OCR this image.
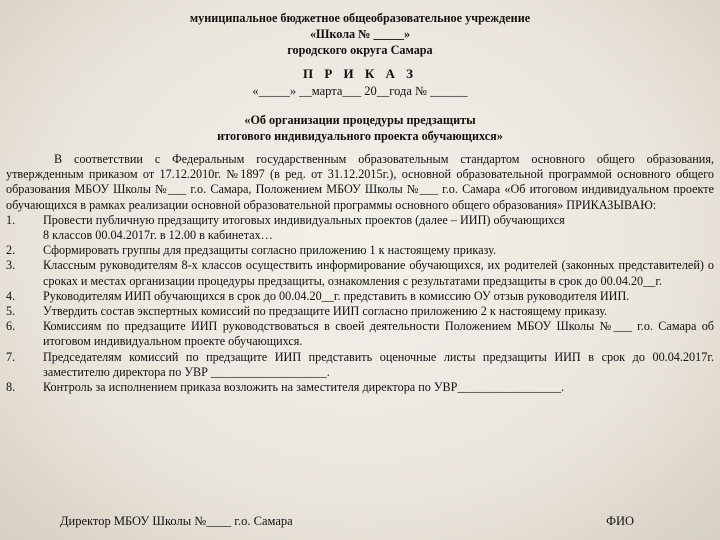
муниципальное бюджетное общеобразовательное учреждение
«Школа № _____»
городского округа Самара
П Р И К А З
«_____» __марта___ 20__года № ______
«Об организации процедуры предзащиты
итогового индивидуального проекта обучающихся»
В соответствии с Федеральным государственным образовательным стандартом основного общего образования, утвержденным приказом от 17.12.2010г. №1897 (в ред. от 31.12.2015г.), основной образовательной программой основного общего образования МБОУ Школы №___ г.о. Самара, Положением МБОУ Школы №___ г.о. Самара «Об итоговом индивидуальном проекте обучающихся в рамках реализации основной образовательной программы основного общего образования» ПРИКАЗЫВАЮ:
1. Провести публичную предзащиту итоговых индивидуальных проектов (далее – ИИП) обучающихся
8 классов 00.04.2017г. в 12.00 в кабинетах…
2. Сформировать группы для предзащиты согласно приложению 1 к настоящему приказу.
3. Классным руководителям 8-х классов осуществить информирование обучающихся, их родителей (законных представителей) о сроках и местах организации процедуры предзащиты, ознакомления с результатами предзащиты в срок до 00.04.20__г.
4. Руководителям ИИП обучающихся в срок до 00.04.20__г. представить в комиссию ОУ отзыв руководителя ИИП.
5. Утвердить состав экспертных комиссий по предзащите ИИП согласно приложению 2 к настоящему приказу.
6. Комиссиям по предзащите ИИП руководствоваться в своей деятельности Положением МБОУ Школы №___ г.о. Самара об итоговом индивидуальном проекте обучающихся.
7. Председателям комиссий по предзащите ИИП представить оценочные листы предзащиты ИИП в срок до 00.04.2017г. заместителю директора по УВР ___________________.
8. Контроль за исполнением приказа возложить на заместителя директора по УВР_________________.
Директор МБОУ Школы №____ г.о. Самара	ФИО
